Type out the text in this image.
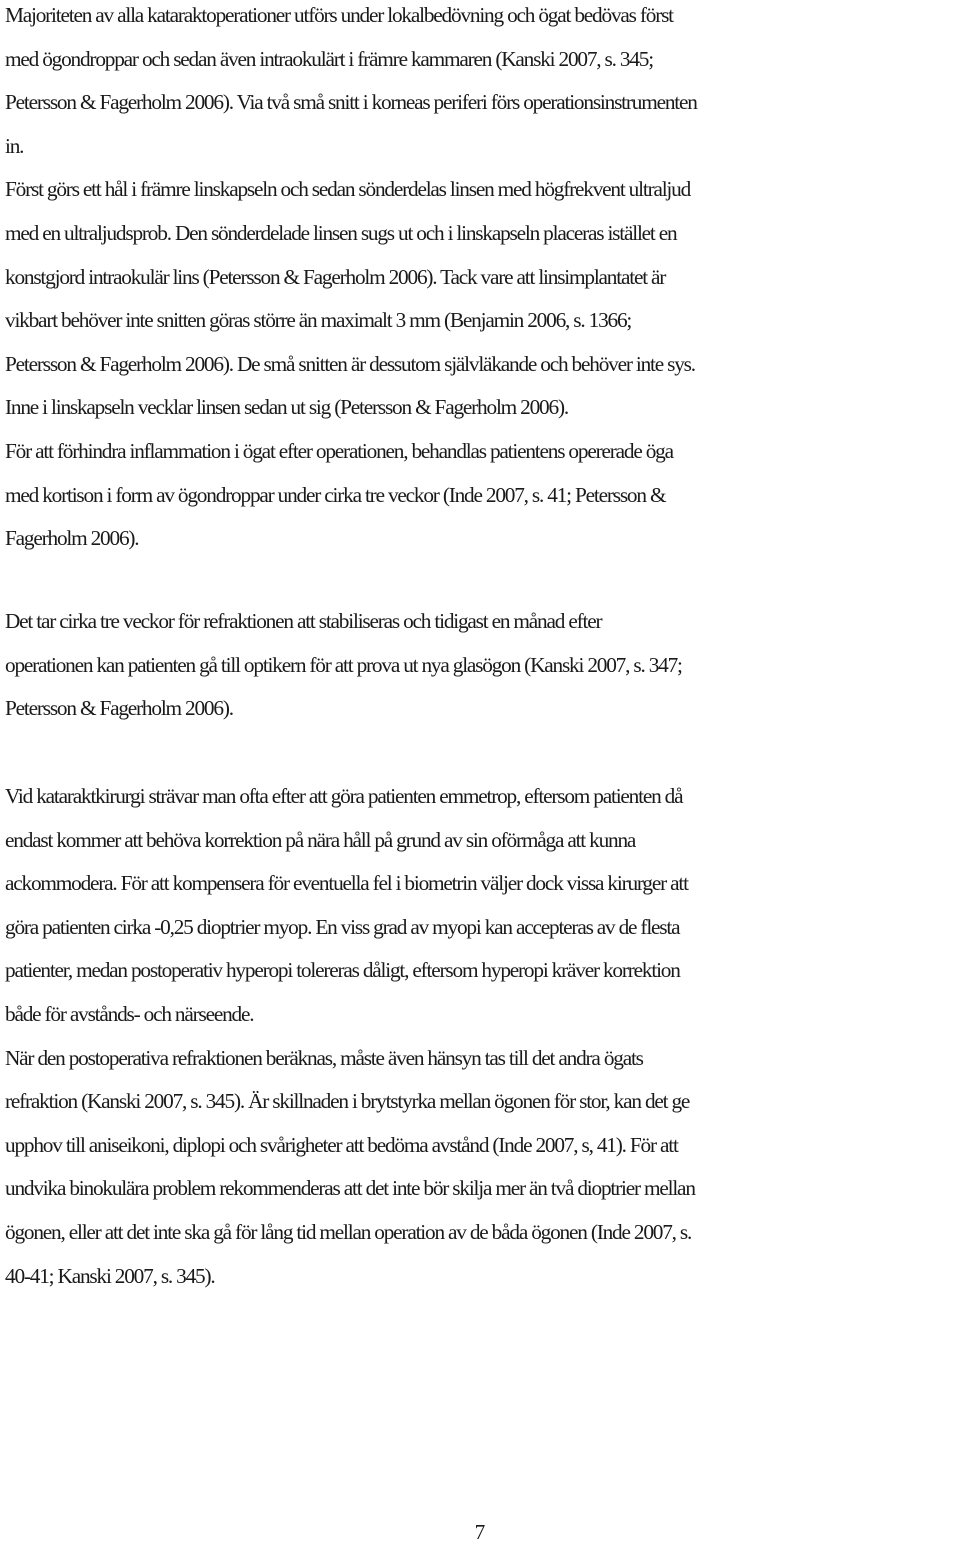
Majoriteten av alla kataraktoperationer utförs under lokalbedövning och ögat bedövas först
med ögondroppar och sedan även intraokulärt i främre kammaren (Kanski 2007, s. 345;
Petersson & Fagerholm 2006). Via två små snitt i korneas periferi förs operationsinstrumenten
in.
Först görs ett hål i främre linskapseln och sedan sönderdelas linsen med högfrekvent ultraljud
med en ultraljudsprob. Den sönderdelade linsen sugs ut och i linskapseln placeras istället en
konstgjord intraokulär lins (Petersson & Fagerholm 2006). Tack vare att linsimplantatet är
vikbart behöver inte snitten göras större än maximalt 3 mm (Benjamin 2006, s. 1366;
Petersson & Fagerholm 2006). De små snitten är dessutom självläkande och behöver inte sys.
Inne i linskapseln vecklar linsen sedan ut sig (Petersson & Fagerholm 2006).
För att förhindra inflammation i ögat efter operationen, behandlas patientens opererade öga
med kortison i form av ögondroppar under cirka tre veckor (Inde 2007, s. 41; Petersson &
Fagerholm 2006).
Det tar cirka tre veckor för refraktionen att stabiliseras och tidigast en månad efter
operationen kan patienten gå till optikern för att prova ut nya glasögon (Kanski 2007, s. 347;
Petersson & Fagerholm 2006).
Vid kataraktkirurgi strävar man ofta efter att göra patienten emmetrop, eftersom patienten då
endast kommer att behöva korrektion på nära håll på grund av sin oförmåga att kunna
ackommodera. För att kompensera för eventuella fel i biometrin väljer dock vissa kirurger att
göra patienten cirka -0,25 dioptrier myop. En viss grad av myopi kan accepteras av de flesta
patienter, medan postoperativ hyperopi tolereras dåligt, eftersom hyperopi kräver korrektion
både för avstånds- och närseende.
När den postoperativa refraktionen beräknas, måste även hänsyn tas till det andra ögats
refraktion (Kanski 2007, s. 345). Är skillnaden i brytstyrka mellan ögonen för stor, kan det ge
upphov till aniseikoni, diplopi och svårigheter att bedöma avstånd (Inde 2007, s, 41). För att
undvika binokulära problem rekommenderas att det inte bör skilja mer än två dioptrier mellan
ögonen, eller att det inte ska gå för lång tid mellan operation av de båda ögonen (Inde 2007, s.
40-41; Kanski 2007, s. 345).
7
